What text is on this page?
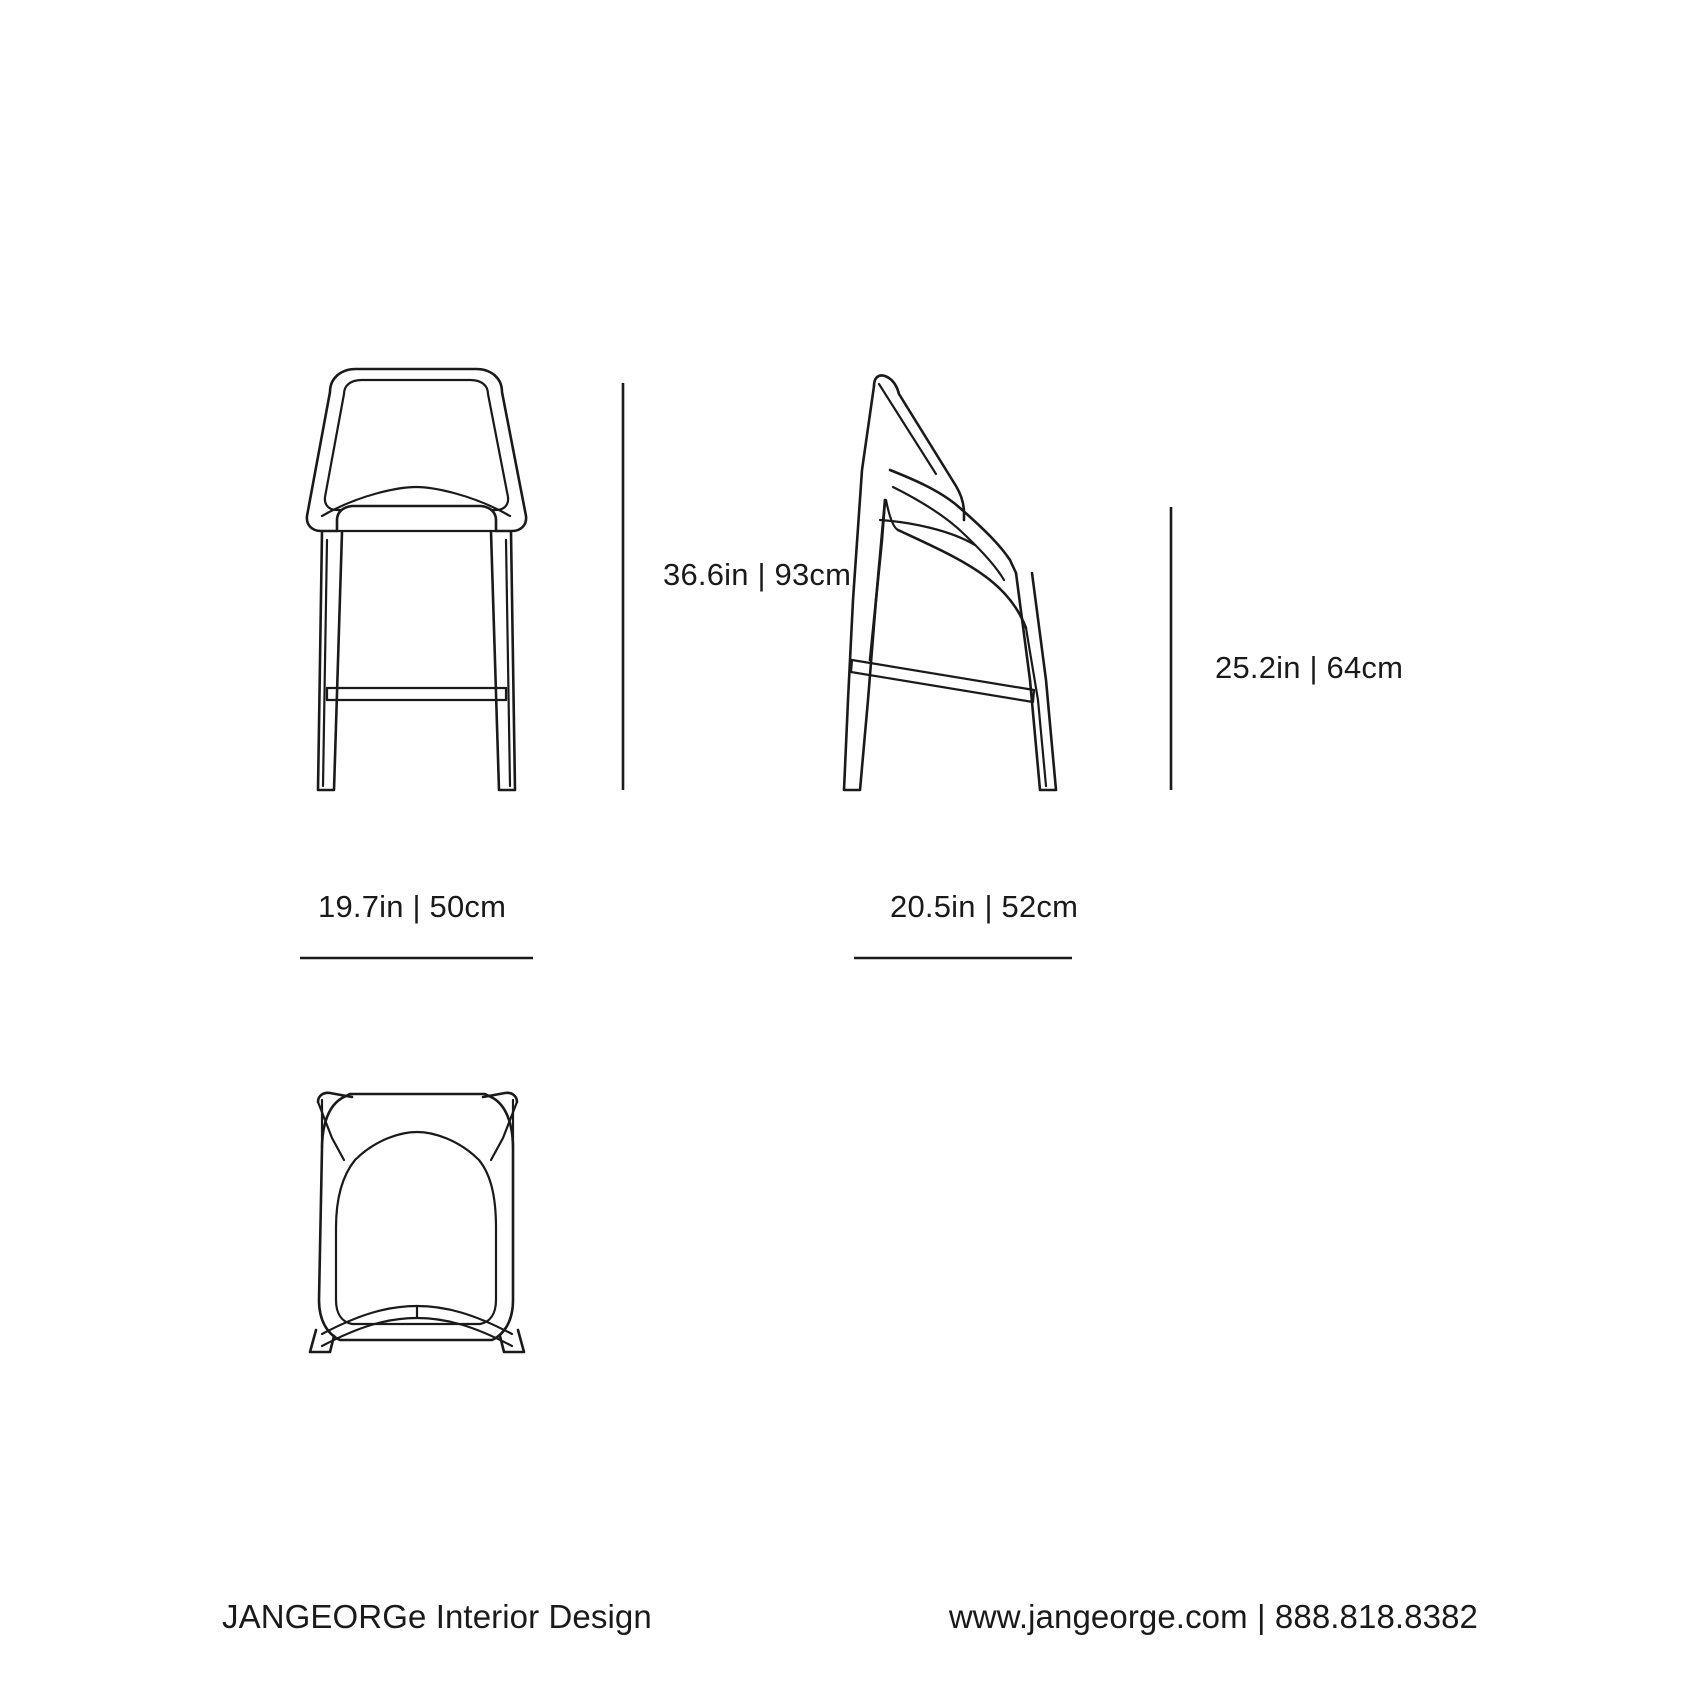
36.6in | 93cm
25.2in | 64cm
19.7in | 50cm	20.5in | 52cm
JANGEORGe Interior Design	www.jangeorge.com | 888.818.8382
